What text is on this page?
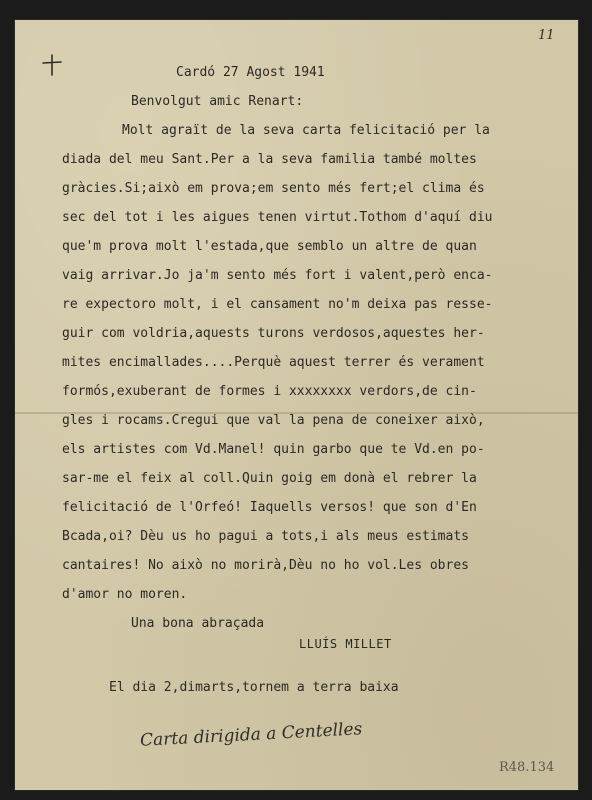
11
Cardó 27 Agost 1941
Benvolgut amic Renart:
Molt agraït de la seva carta felicitació per la
diada del meu Sant.Per a la seva familia també moltes
gràcies.Si;això em prova;em sento més fert;el clima és
sec del tot i les aigues tenen virtut.Tothom d'aquí diu
que'm prova molt l'estada,que semblo un altre de quan
vaig arrivar.Jo ja'm sento més fort i valent,però enca-
re expectoro molt, i el cansament no'm deixa pas resse-
guir com voldria,aquests turons verdosos,aquestes her-
mites encimallades....Perquè aquest terrer és verament
formós,exuberant de formes i xxxxxxxx verdors,de cin-
gles i rocams.Cregui que val la pena de coneixer això,
els artistes com Vd.Manel! quin garbo que te Vd.en po-
sar-me el feix al coll.Quin goig em donà el rebrer la
felicitació de l'Orfeó! Iaquells versos! que son d'En
Bcada,oi? Dèu us ho pagui a tots,i als meus estimats
cantaires! No això no morirà,Dèu no ho vol.Les obres
d'amor no moren.
Una bona abraçada
LLUÍS MILLET
El dia 2,dimarts,tornem a terra baixa
Carta dirigida a Centelles
R48.134
